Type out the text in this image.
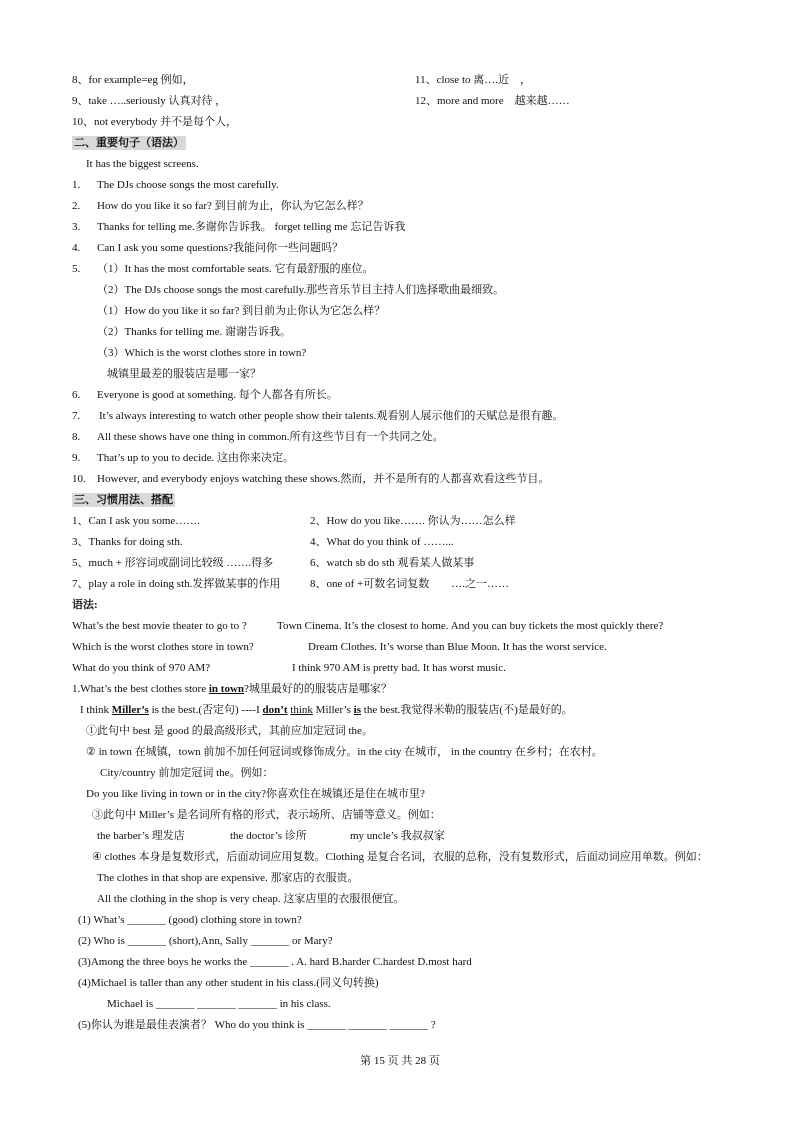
8、for example=eg 例如，	11、close to 离….近　，
9、take …..seriously 认真对待 ，	12、more and more　越来越……
10、not everybody 并不是每个人，
二、重要句子（语法）
It has the biggest screens.
1. The DJs choose songs the most carefully.
2. How do you like it so far? 到目前为止，你认为它怎么样？
3. Thanks for telling me.多谢你告诉我。 forget telling me 忘记告诉我
4. Can I ask you some questions?我能问你一些问题吗？
5. （1）It has the most comfortable seats. 它有最舒服的座位。
（2）The DJs choose songs the most carefully.那些音乐节目主持人们选择歌曲最细致。
（1）How do you like it so far? 到目前为止你认为它怎么样？
（2）Thanks for telling me. 谢谢告诉我。
（3）Which is the worst clothes store in town?
城镇里最差的服装店是哪一家？
6. Everyone is good at something. 每个人都各有所长。
7. It’s always interesting to watch other people show their talents.观看别人展示他们的天赋总是很有趣。
8. All these shows have one thing in common.所有这些节目有一个共同之处。
9. That’s up to you to decide. 这由你来决定。
10. However, and everybody enjoys watching these shows.然而，并不是所有的人都喜欢看这些节目。
三、习惯用法、搭配
1、Can I ask you some…….	2、How do you like……. 你认为……怎么样
3、Thanks for doing sth.	4、What do you think of ……...
5、much + 形容词或副词比较级 …….得多	6、watch sb do sth 观看某人做某事
7、play a role in doing sth.发挥做某事的作用	8、one of +可数名词复数　　….之一……
语法:
What’s the best movie theater to go to ?	Town Cinema. It’s the closest to home. And you can buy tickets the most quickly there?
Which is the worst clothes store in town?	Dream Clothes. It’s worse than Blue Moon. It has the worst service.
What do you think of 970 AM?	I think 970 AM is pretty bad. It has worst music.
1.What’s the best clothes store in town?城里最好的的服装店是哪家？
I think Miller’s is the best.(否定句) ----I don’t think Miller’s is the best.我觉得米勒的服装店(不)是最好的。
①此句中 best 是 good 的最高级形式，其前应加定冠词 the。
② in town 在城镇，town 前加不加任何冠词或修饰成分。in the city 在城市， in the country 在乡村；在农村。
City/country 前加定冠词 the。例如：
Do you like living in town or in the city?你喜欢住在城镇还是住在城市里?
③此句中 Miller’s 是名词所有格的形式，表示场所、店铺等意义。例如：
the barber’s 理发店	the doctor’s 诊所	my uncle’s 我叔叔家
④ clothes 本身是复数形式，后面动词应用复数。Clothing 是复合名词，衣服的总称，没有复数形式，后面动词应用单数。例如：
The clothes in that shop are expensive. 那家店的衣服贵。
All the clothing in the shop is very cheap. 这家店里的衣服很便宜。
(1) What’s _______ (good) clothing store in town?
(2) Who is _______ (short),Ann, Sally _______ or Mary?
(3)Among the three boys he works the _______ . A. hard B.harder C.hardest D.most hard
(4)Michael is taller than any other student in his class.(同义句转换)
Michael is _______ _______ _______ in his class.
(5)你认为谁是最佳表演者？ Who do you think is _______ _______ _______ ?
第 15 页 共 28 页
